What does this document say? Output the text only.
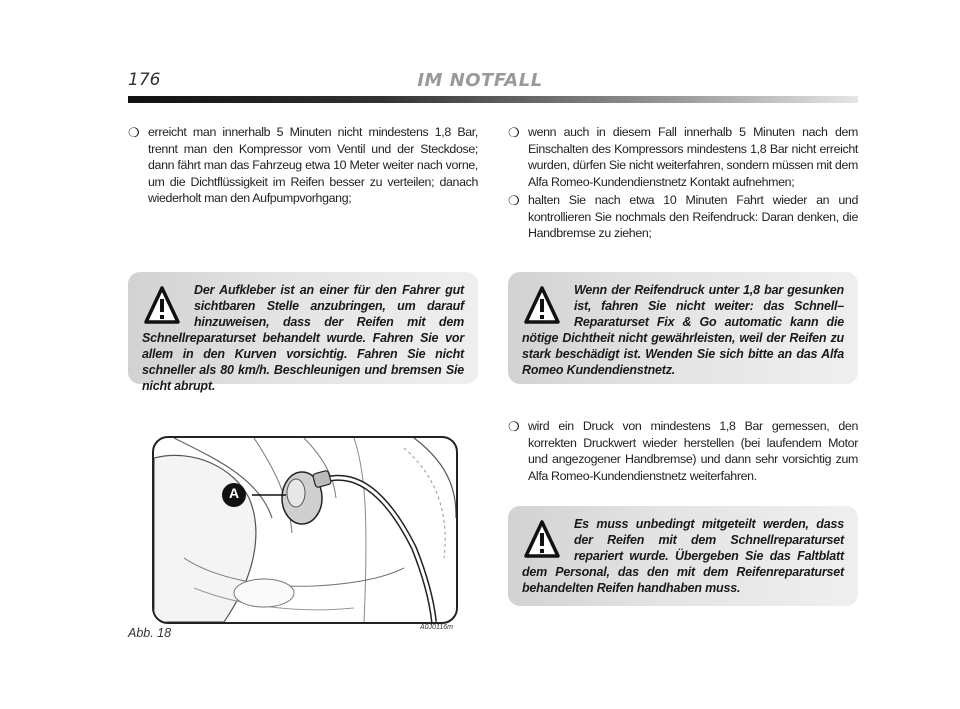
176	IM NOTFALL
❍ erreicht man innerhalb 5 Minuten nicht mindestens 1,8 Bar, trennt man den Kompressor vom Ventil und der Steckdose; dann fährt man das Fahrzeug etwa 10 Meter weiter nach vorne, um die Dichtflüssigkeit im Reifen besser zu verteilen; danach wiederholt man den Aufpumpvorhgang;
Der Aufkleber ist an einer für den Fahrer gut sichtbaren Stelle anzubringen, um darauf hinzuweisen, dass der Reifen mit dem Schnellreparaturset behandelt wurde. Fahren Sie vor allem in den Kurven vorsichtig. Fahren Sie nicht schneller als 80 km/h. Beschleunigen und bremsen Sie nicht abrupt.
A
Abb. 18	A0J0116m
❍ wenn auch in diesem Fall innerhalb 5 Minuten nach dem Einschalten des Kompressors mindestens 1,8 Bar nicht erreicht wurden, dürfen Sie nicht weiterfahren, sondern müssen mit dem Alfa Romeo-Kundendienstnetz Kontakt aufnehmen;
❍ halten Sie nach etwa 10 Minuten Fahrt wieder an und kontrollieren Sie nochmals den Reifendruck: Daran denken, die Handbremse zu ziehen;
Wenn der Reifendruck unter 1,8 bar gesunken ist, fahren Sie nicht weiter: das Schnell– Reparaturset Fix & Go automatic kann die nötige Dichtheit nicht gewährleisten, weil der Reifen zu stark beschädigt ist. Wenden Sie sich bitte an das Alfa Romeo Kundendienstnetz.
❍ wird ein Druck von mindestens 1,8 Bar gemessen, den korrekten Druckwert wieder herstellen (bei laufendem Motor und angezogener Handbremse) und dann sehr vorsichtig zum Alfa Romeo-Kundendienstnetz weiterfahren.
Es muss unbedingt mitgeteilt werden, dass der Reifen mit dem Schnellreparaturset repariert wurde. Übergeben Sie das Faltblatt dem Personal, das den mit dem Reifenreparaturset behandelten Reifen handhaben muss.
